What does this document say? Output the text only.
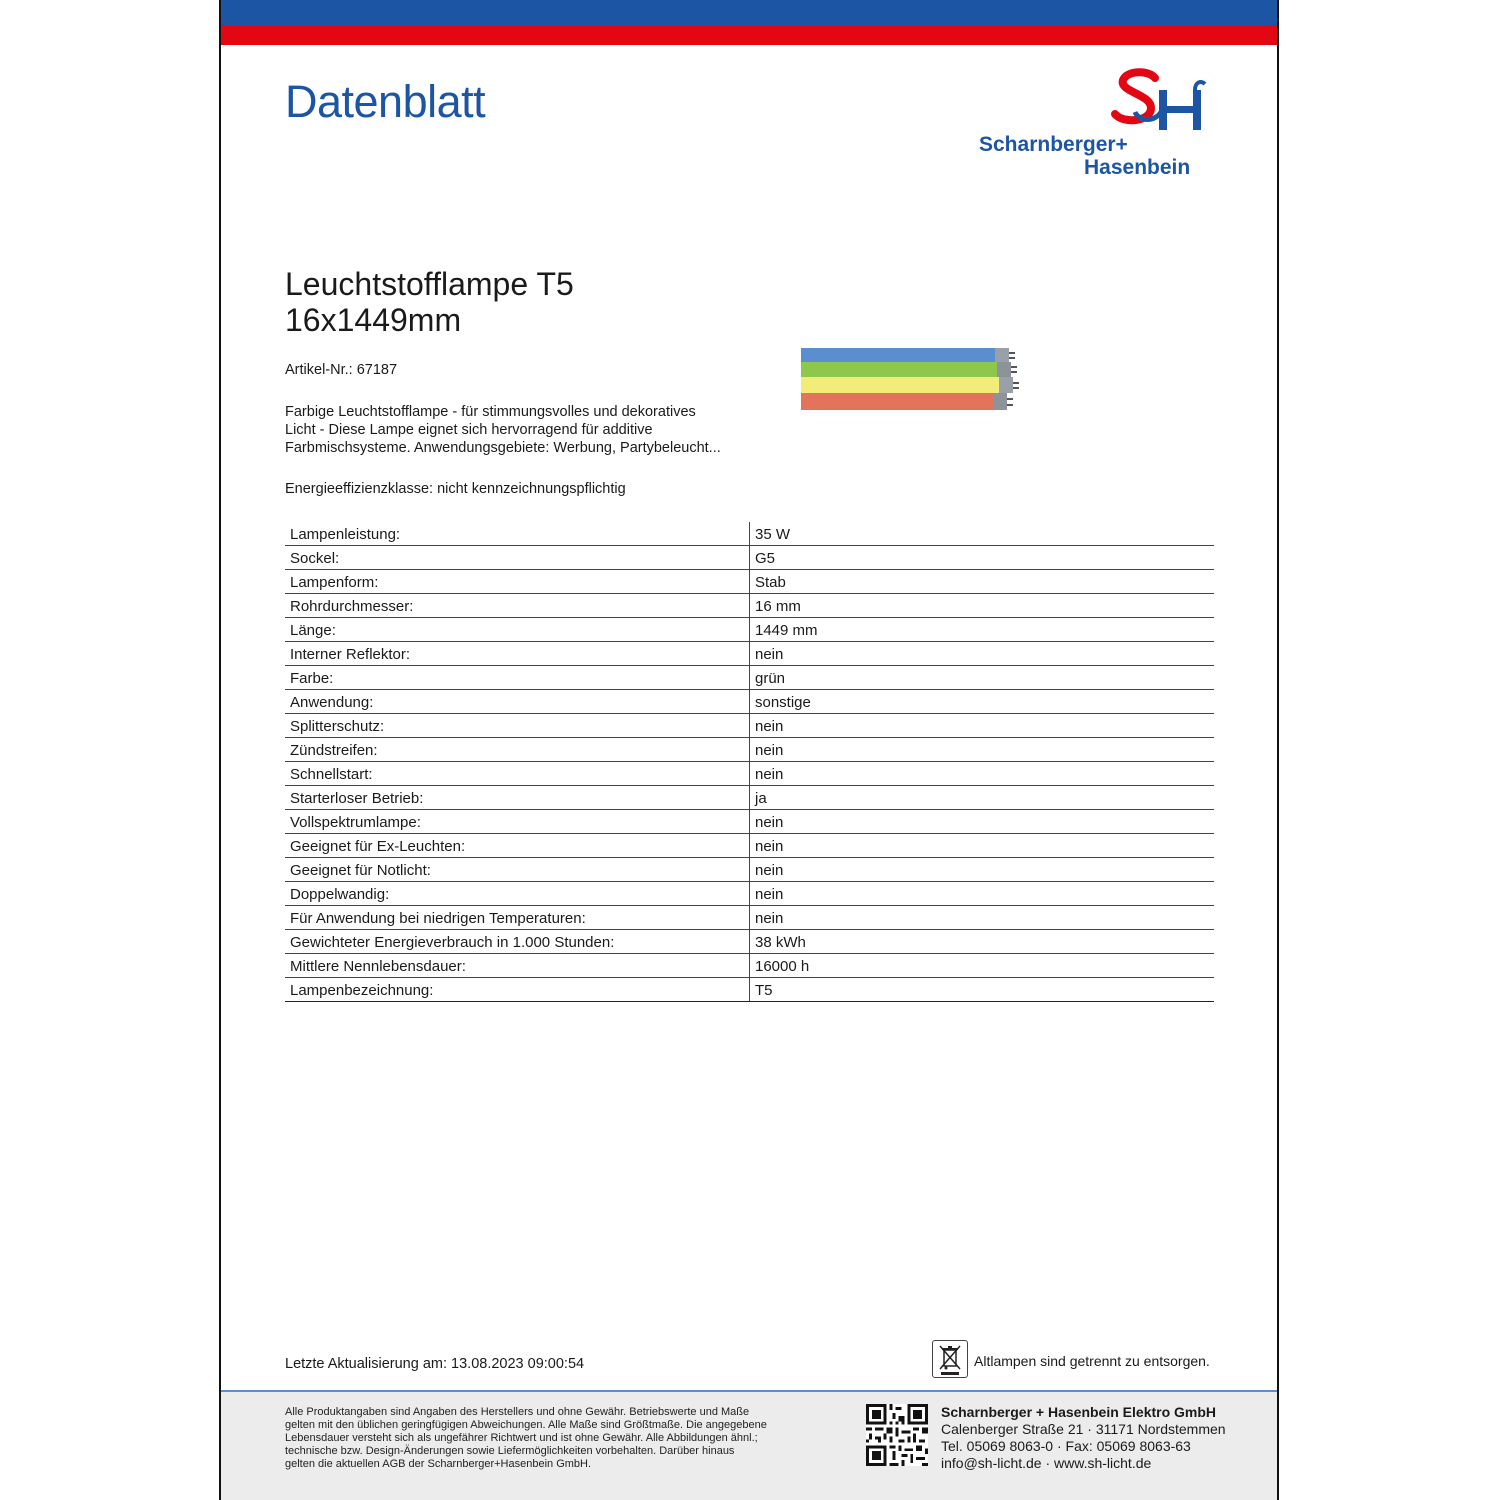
Datenblatt
Scharnberger+
Hasenbein
Leuchtstofflampe T5
16x1449mm
Artikel-Nr.: 67187
Farbige Leuchtstofflampe - für stimmungsvolles und dekoratives
Licht - Diese Lampe eignet sich hervorragend für additive
Farbmischsysteme. Anwendungsgebiete: Werbung, Partybeleucht...
Energieeffizienzklasse: nicht kennzeichnungspflichtig
Lampenleistung:	35 W
Sockel:	G5
Lampenform:	Stab
Rohrdurchmesser:	16 mm
Länge:	1449 mm
Interner Reflektor:	nein
Farbe:	grün
Anwendung:	sonstige
Splitterschutz:	nein
Zündstreifen:	nein
Schnellstart:	nein
Starterloser Betrieb:	ja
Vollspektrumlampe:	nein
Geeignet für Ex-Leuchten:	nein
Geeignet für Notlicht:	nein
Doppelwandig:	nein
Für Anwendung bei niedrigen Temperaturen:	nein
Gewichteter Energieverbrauch in 1.000 Stunden:	38 kWh
Mittlere Nennlebensdauer:	16000 h
Lampenbezeichnung:	T5
Letzte Aktualisierung am: 13.08.2023 09:00:54	Altlampen sind getrennt zu entsorgen.
Alle Produktangaben sind Angaben des Herstellers und ohne Gewähr. Betriebswerte und Maße
gelten mit den üblichen geringfügigen Abweichungen. Alle Maße sind Größtmaße. Die angegebene
Lebensdauer versteht sich als ungefährer Richtwert und ist ohne Gewähr. Alle Abbildungen ähnl.;
technische bzw. Design-Änderungen sowie Liefermöglichkeiten vorbehalten. Darüber hinaus
gelten die aktuellen AGB der Scharnberger+Hasenbein GmbH.
Scharnberger + Hasenbein Elektro GmbH
Calenberger Straße 21 · 31171 Nordstemmen
Tel. 05069 8063-0 · Fax: 05069 8063-63
info@sh-licht.de · www.sh-licht.de
